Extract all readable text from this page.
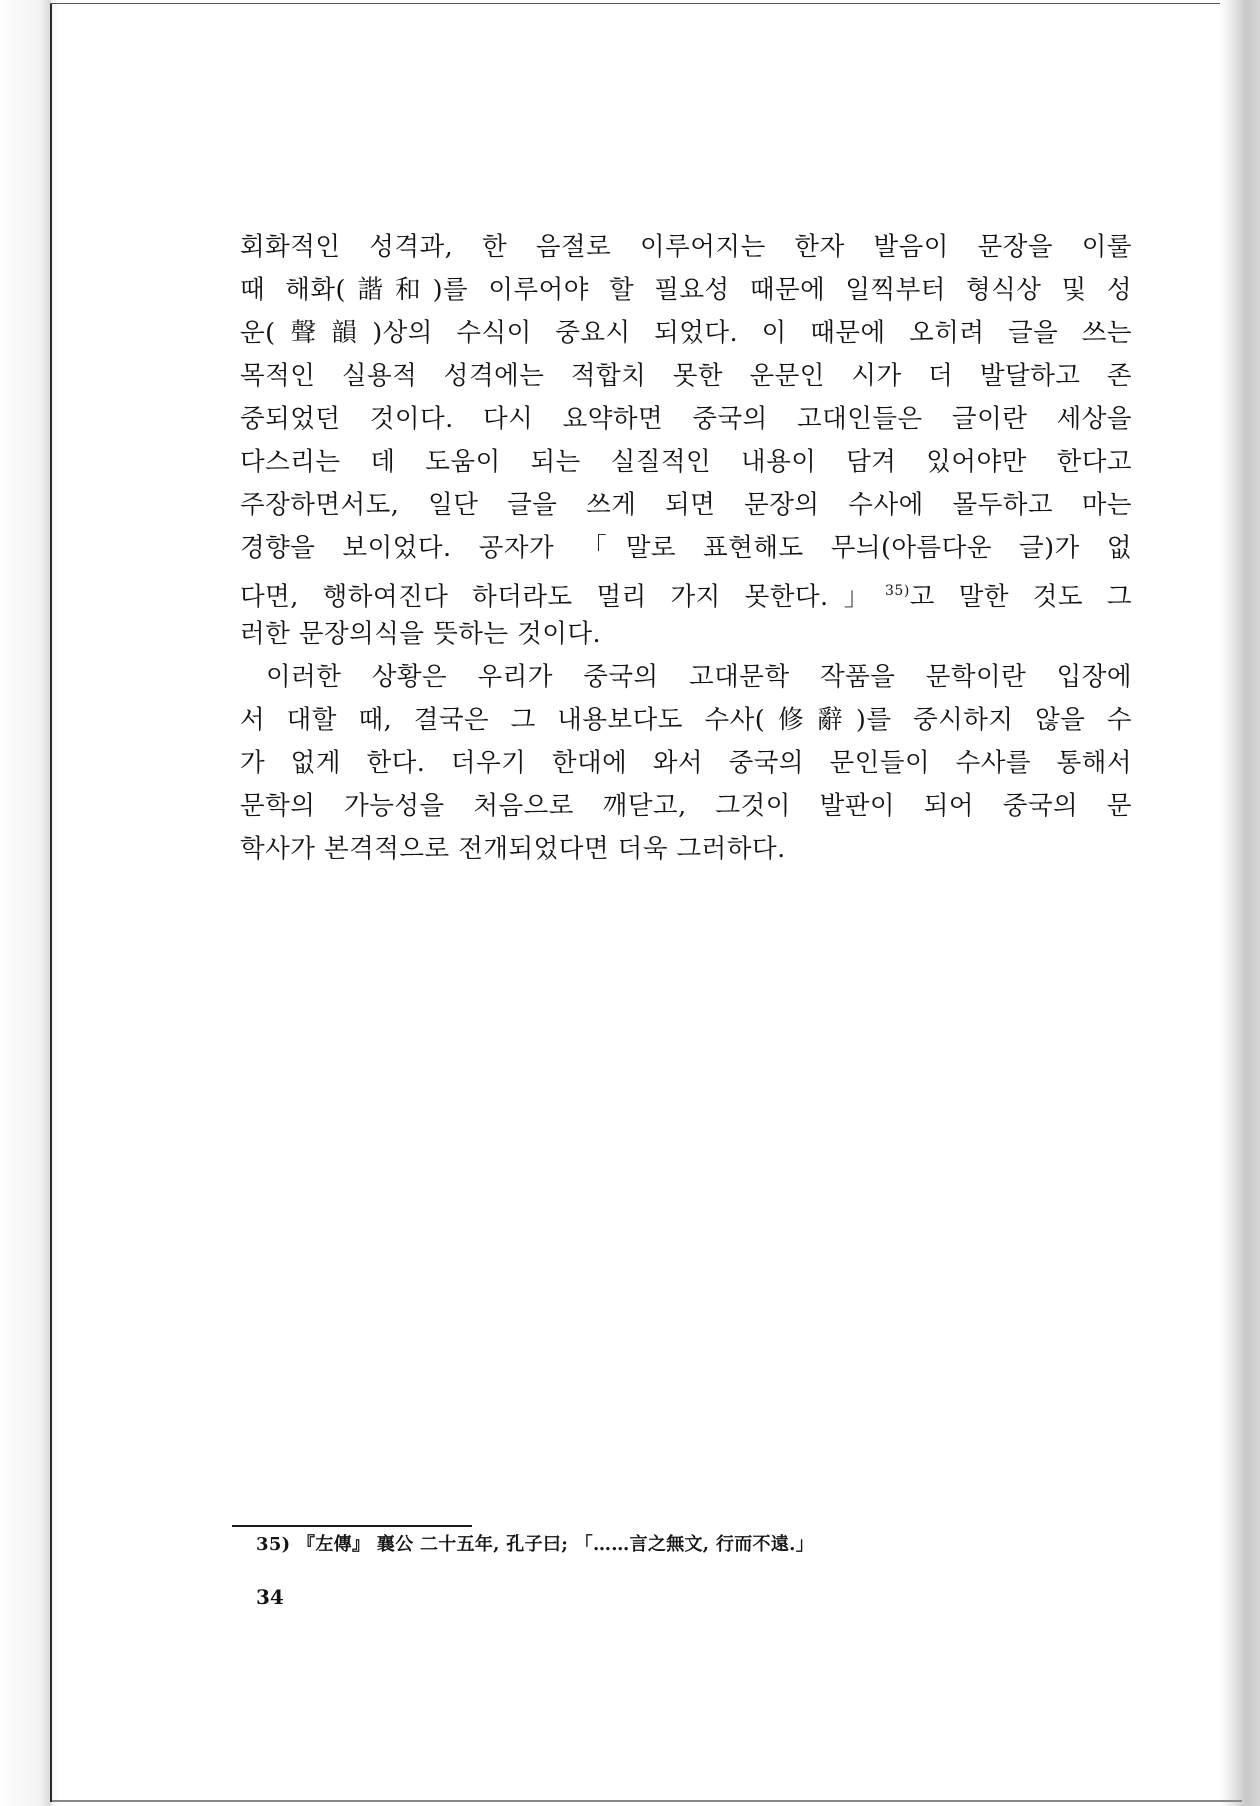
회화적인 성격과, 한 음절로 이루어지는 한자 발음이 문장을 이룰
때 해화(諧和)를 이루어야 할 필요성 때문에 일찍부터 형식상 및 성
운(聲韻)상의 수식이 중요시 되었다. 이 때문에 오히려 글을 쓰는
목적인 실용적 성격에는 적합치 못한 운문인 시가 더 발달하고 존
중되었던 것이다. 다시 요약하면 중국의 고대인들은 글이란 세상을
다스리는 데 도움이 되는 실질적인 내용이 담겨 있어야만 한다고
주장하면서도, 일단 글을 쓰게 되면 문장의 수사에 몰두하고 마는
경향을 보이었다. 공자가 「말로 표현해도 무늬(아름다운 글)가 없
다면, 행하여진다 하더라도 멀리 가지 못한다.」$^{35)}$고 말한 것도 그
러한 문장의식을 뜻하는 것이다.
이러한 상황은 우리가 중국의 고대문학 작품을 문학이란 입장에
서 대할 때, 결국은 그 내용보다도 수사(修辭)를 중시하지 않을 수
가 없게 한다. 더우기 한대에 와서 중국의 문인들이 수사를 통해서
문학의 가능성을 처음으로 깨닫고, 그것이 발판이 되어 중국의 문
학사가 본격적으로 전개되었다면 더욱 그러하다.
35) 『左傳』 襄公 二十五年, 孔子曰; 「……言之無文, 行而不遠.」
34
